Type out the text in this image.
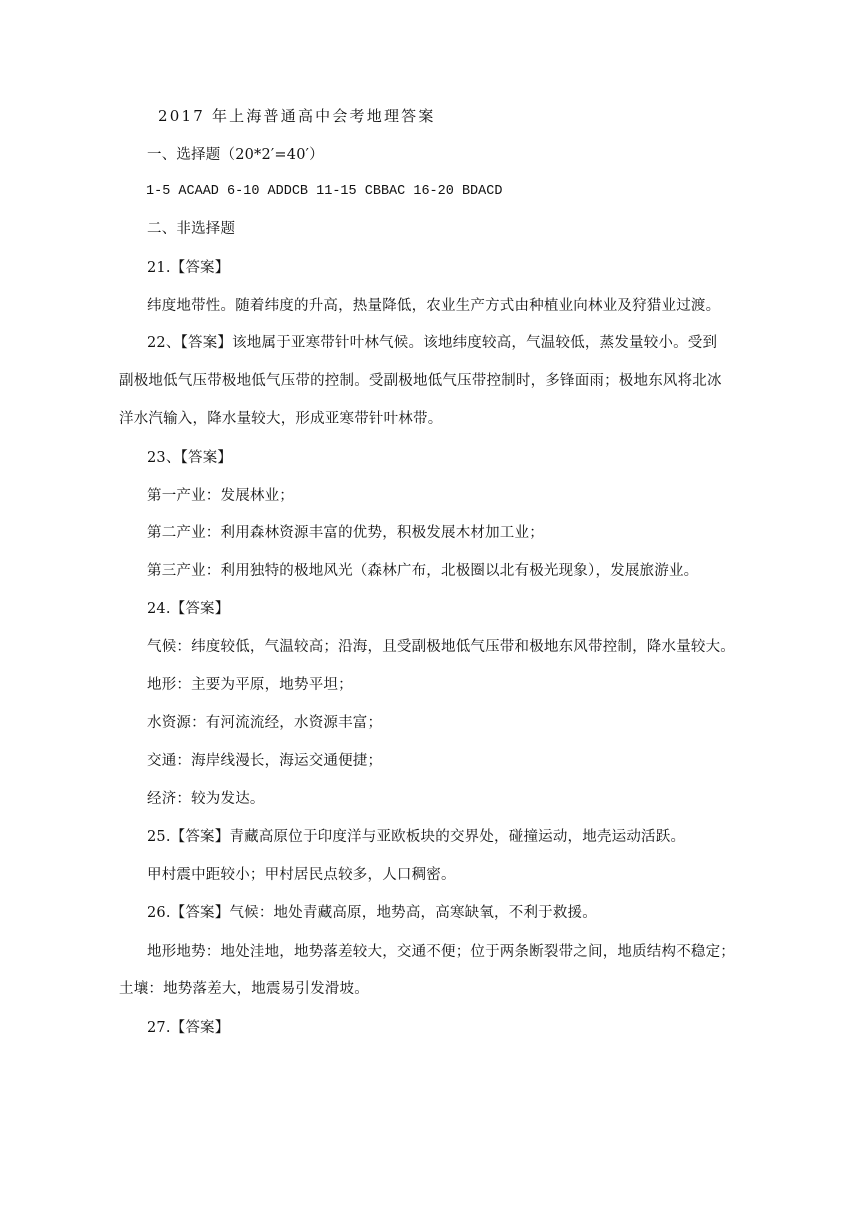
2017 年上海普通高中会考地理答案
一、选择题（20*2′=40′）
1-5 ACAAD 6-10 ADDCB 11-15 CBBAC 16-20 BDACD
二、非选择题
21.【答案】
纬度地带性。随着纬度的升高，热量降低，农业生产方式由种植业向林业及狩猎业过渡。
22、【答案】该地属于亚寒带针叶林气候。该地纬度较高，气温较低，蒸发量较小。受到
副极地低气压带极地低气压带的控制。受副极地低气压带控制时，多锋面雨；极地东风将北冰
洋水汽输入，降水量较大，形成亚寒带针叶林带。
23、【答案】
第一产业：发展林业；
第二产业：利用森林资源丰富的优势，积极发展木材加工业；
第三产业：利用独特的极地风光（森林广布，北极圈以北有极光现象），发展旅游业。
24.【答案】
气候：纬度较低，气温较高；沿海，且受副极地低气压带和极地东风带控制，降水量较大。
地形：主要为平原，地势平坦；
水资源：有河流流经，水资源丰富；
交通：海岸线漫长，海运交通便捷；
经济：较为发达。
25.【答案】青藏高原位于印度洋与亚欧板块的交界处，碰撞运动，地壳运动活跃。
甲村震中距较小；甲村居民点较多，人口稠密。
26.【答案】气候：地处青藏高原，地势高，高寒缺氧，不利于救援。
地形地势：地处洼地，地势落差较大，交通不便；位于两条断裂带之间，地质结构不稳定；
土壤：地势落差大，地震易引发滑坡。
27.【答案】
